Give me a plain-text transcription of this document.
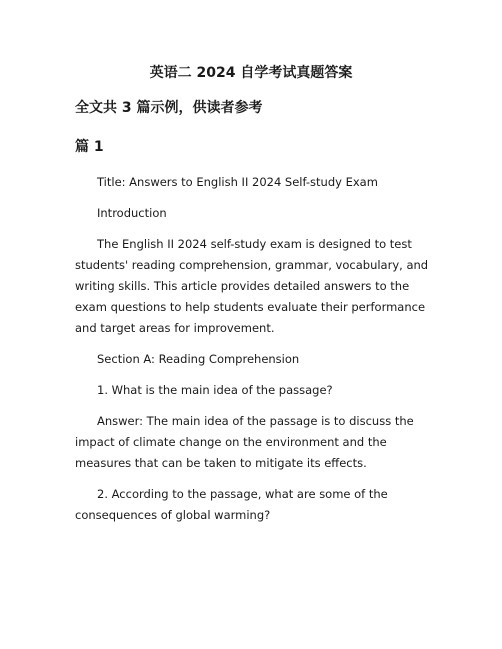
英语二 2024 自学考试真题答案
全文共 3 篇示例，供读者参考
篇 1

Title: Answers to English II 2024 Self-study Exam

Introduction

The English II 2024 self-study exam is designed to test students' reading comprehension, grammar, vocabulary, and writing skills. This article provides detailed answers to the exam questions to help students evaluate their performance and target areas for improvement.

Section A: Reading Comprehension

1. What is the main idea of the passage?

Answer: The main idea of the passage is to discuss the impact of climate change on the environment and the measures that can be taken to mitigate its effects.

2. According to the passage, what are some of the consequences of global warming?
